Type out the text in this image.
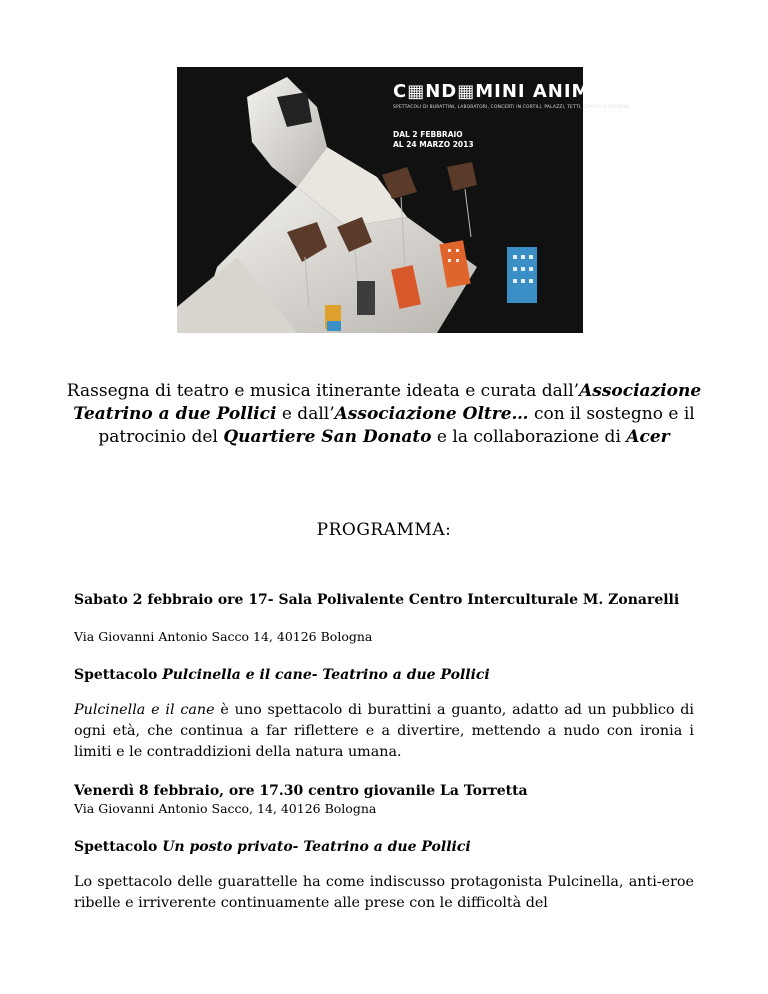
C▦ND▦MINI ANIMATI
SPETTACOLI DI BURATTINI, LABORATORI, CONCERTI IN CORTILI, PALAZZI, TETTI, CIRCOLI E GIARDINI
DAL 2 FEBBRAIO
AL 24 MARZO 2013
Rassegna di teatro e musica itinerante ideata e curata dall’Associazione Teatrino a due Pollici e dall’Associazione Oltre… con il sostegno e il patrocinio del Quartiere San Donato e la collaborazione di Acer
PROGRAMMA:
Sabato 2 febbraio ore 17- Sala Polivalente Centro Interculturale M. Zonarelli
Via Giovanni Antonio Sacco 14, 40126 Bologna
Spettacolo Pulcinella e il cane- Teatrino a due Pollici
Pulcinella e il cane è uno spettacolo di burattini a guanto, adatto ad un pubblico di ogni età, che continua a far riflettere e a divertire, mettendo a nudo con ironia i limiti e le contraddizioni della natura umana.
Venerdì 8 febbraio, ore 17.30 centro giovanile La Torretta
Via Giovanni Antonio Sacco, 14, 40126 Bologna
Spettacolo Un posto privato- Teatrino a due Pollici
Lo spettacolo delle guarattelle ha come indiscusso protagonista Pulcinella, anti-eroe ribelle e irriverente continuamente alle prese con le difficoltà del
